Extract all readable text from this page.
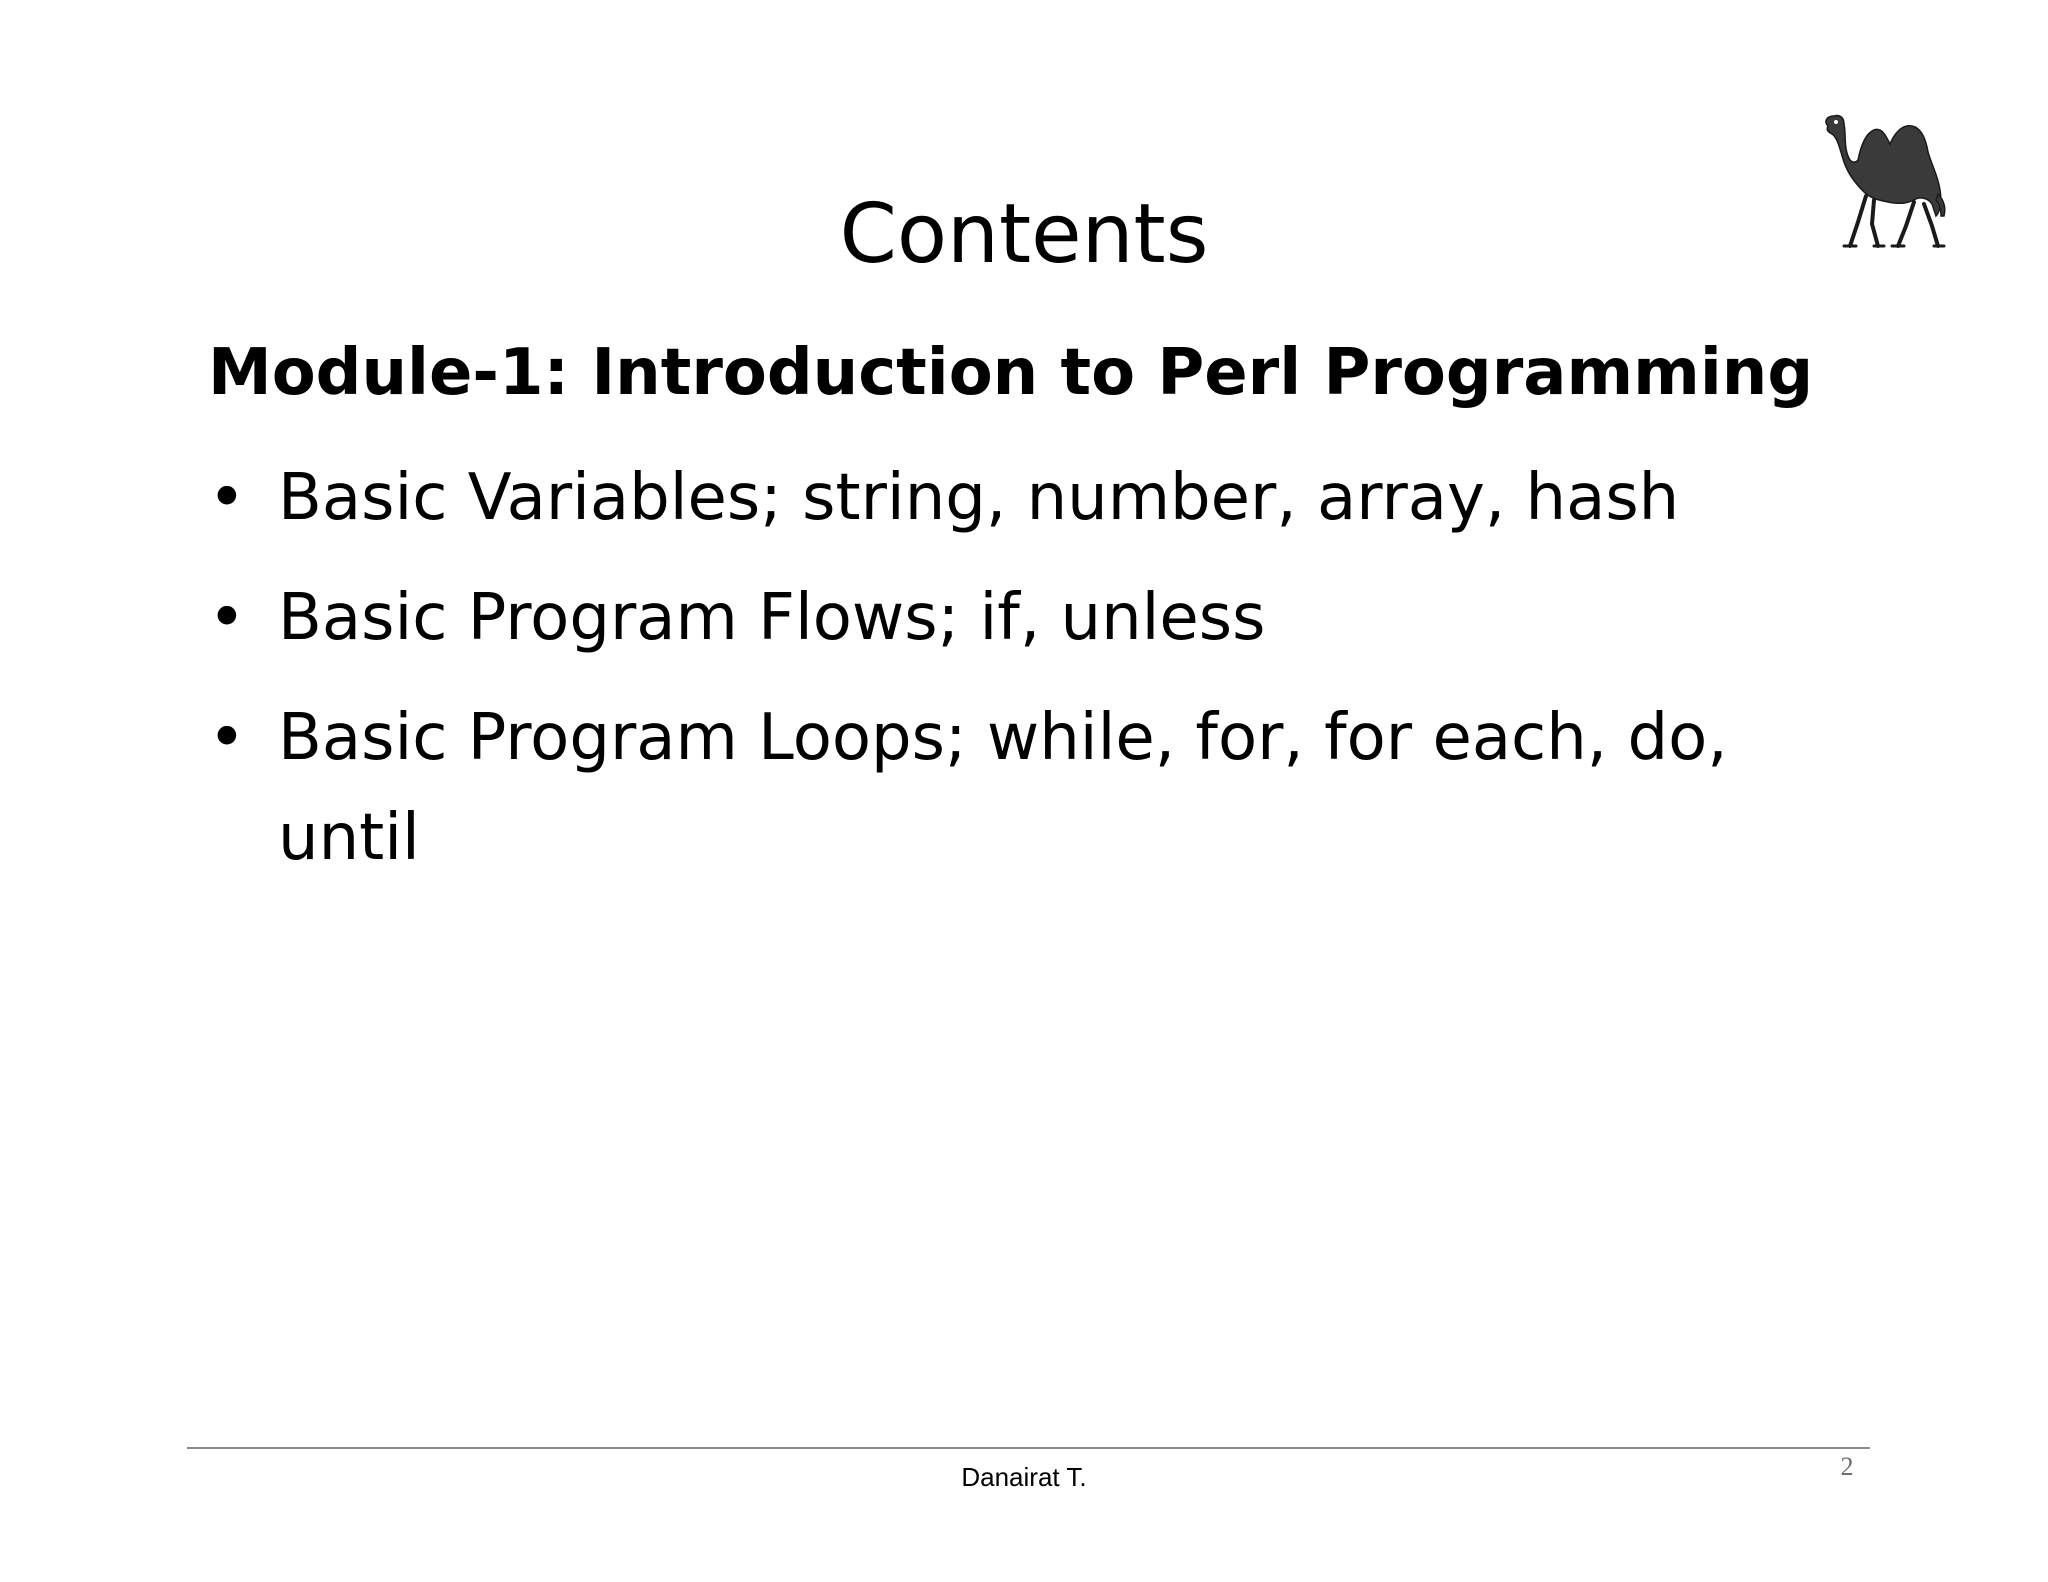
Contents
Module-1: Introduction to Perl Programming
• Basic Variables; string, number, array, hash
• Basic Program Flows; if, unless
• Basic Program Loops; while, for, for each, do, until
Danairat T.	2
